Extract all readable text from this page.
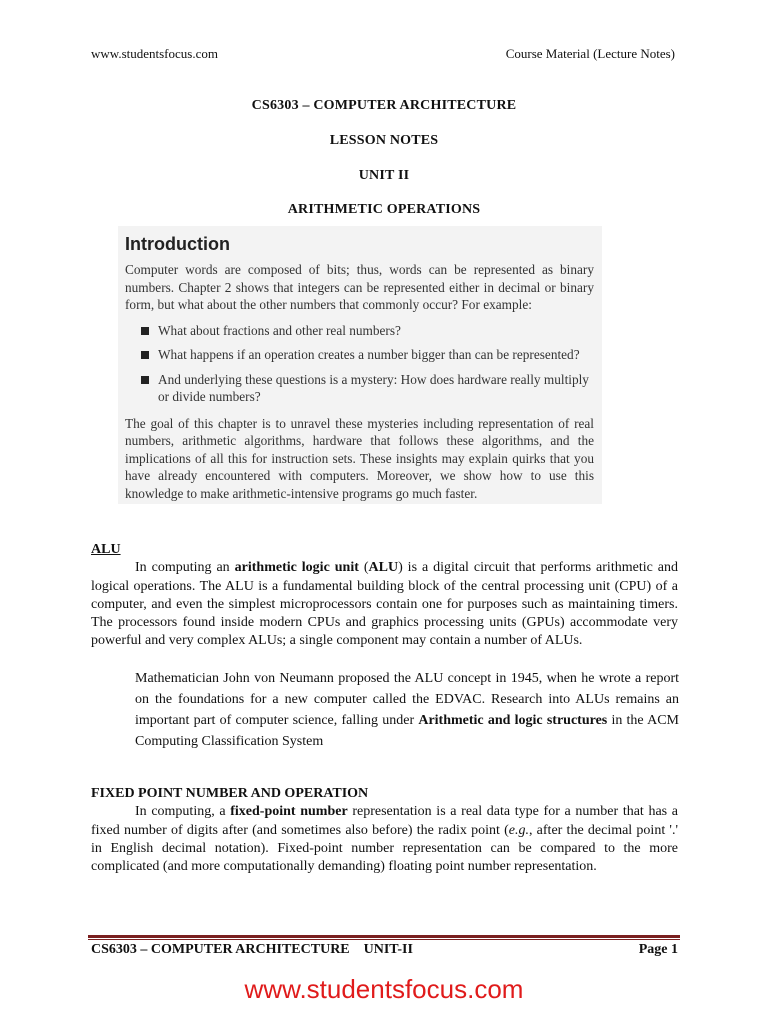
www.studentsfocus.com	Course Material (Lecture Notes)
CS6303 – COMPUTER ARCHITECTURE
LESSON NOTES
UNIT II
ARITHMETIC OPERATIONS
Introduction

Computer words are composed of bits; thus, words can be represented as binary numbers. Chapter 2 shows that integers can be represented either in decimal or binary form, but what about the other numbers that commonly occur? For example:

What about fractions and other real numbers?
What happens if an operation creates a number bigger than can be represented?
And underlying these questions is a mystery: How does hardware really multiply or divide numbers?

The goal of this chapter is to unravel these mysteries including representation of real numbers, arithmetic algorithms, hardware that follows these algorithms, and the implications of all this for instruction sets. These insights may explain quirks that you have already encountered with computers. Moreover, we show how to use this knowledge to make arithmetic-intensive programs go much faster.

ALU

In computing an arithmetic logic unit (ALU) is a digital circuit that performs arithmetic and logical operations. The ALU is a fundamental building block of the central processing unit (CPU) of a computer, and even the simplest microprocessors contain one for purposes such as maintaining timers. The processors found inside modern CPUs and graphics processing units (GPUs) accommodate very powerful and very complex ALUs; a single component may contain a number of ALUs.

Mathematician John von Neumann proposed the ALU concept in 1945, when he wrote a report on the foundations for a new computer called the EDVAC. Research into ALUs remains an important part of computer science, falling under Arithmetic and logic structures in the ACM Computing Classification System

FIXED POINT NUMBER AND OPERATION

In computing, a fixed-point number representation is a real data type for a number that has a fixed number of digits after (and sometimes also before) the radix point (e.g., after the decimal point '.' in English decimal notation). Fixed-point number representation can be compared to the more complicated (and more computationally demanding) floating point number representation.

CS6303 – COMPUTER ARCHITECTURE    UNIT-II	Page 1
www.studentsfocus.com
